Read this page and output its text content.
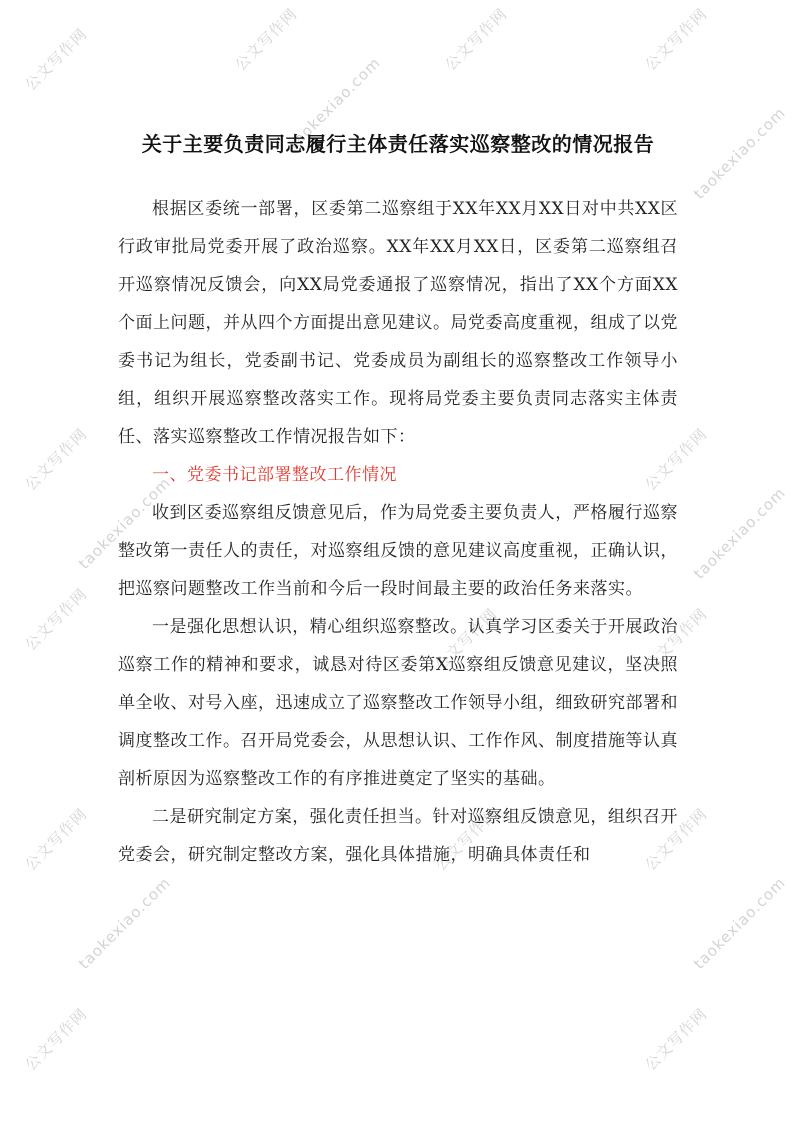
公文写作网	公文写作网	公文写作网	公文写作网
taokexiao.com
taokexiao.com
公文写作网	公文写作网
taokexiao.com	taokexiao.com
公文写作网	公文写作网	公文写作网
公文写作网	公文写作网	公文写作网
taokexiao.com	taokexiao.com
公文写作网	公文写作网
关于主要负责同志履行主体责任落实巡察整改的情况报告

根据区委统一部署，区委第二巡察组于XX年XX月XX日对中共XX区行政审批局党委开展了政治巡察。XX年XX月XX日，区委第二巡察组召开巡察情况反馈会，向XX局党委通报了巡察情况，指出了XX个方面XX个面上问题，并从四个方面提出意见建议。局党委高度重视，组成了以党委书记为组长，党委副书记、党委成员为副组长的巡察整改工作领导小组，组织开展巡察整改落实工作。现将局党委主要负责同志落实主体责任、落实巡察整改工作情况报告如下：

一、党委书记部署整改工作情况

收到区委巡察组反馈意见后，作为局党委主要负责人，严格履行巡察整改第一责任人的责任，对巡察组反馈的意见建议高度重视，正确认识，把巡察问题整改工作当前和今后一段时间最主要的政治任务来落实。

一是强化思想认识，精心组织巡察整改。认真学习区委关于开展政治巡察工作的精神和要求，诚恳对待区委第X巡察组反馈意见建议，坚决照单全收、对号入座，迅速成立了巡察整改工作领导小组，细致研究部署和调度整改工作。召开局党委会，从思想认识、工作作风、制度措施等认真剖析原因为巡察整改工作的有序推进奠定了坚实的基础。

二是研究制定方案，强化责任担当。针对巡察组反馈意见，组织召开党委会，研究制定整改方案，强化具体措施，明确具体责任和
